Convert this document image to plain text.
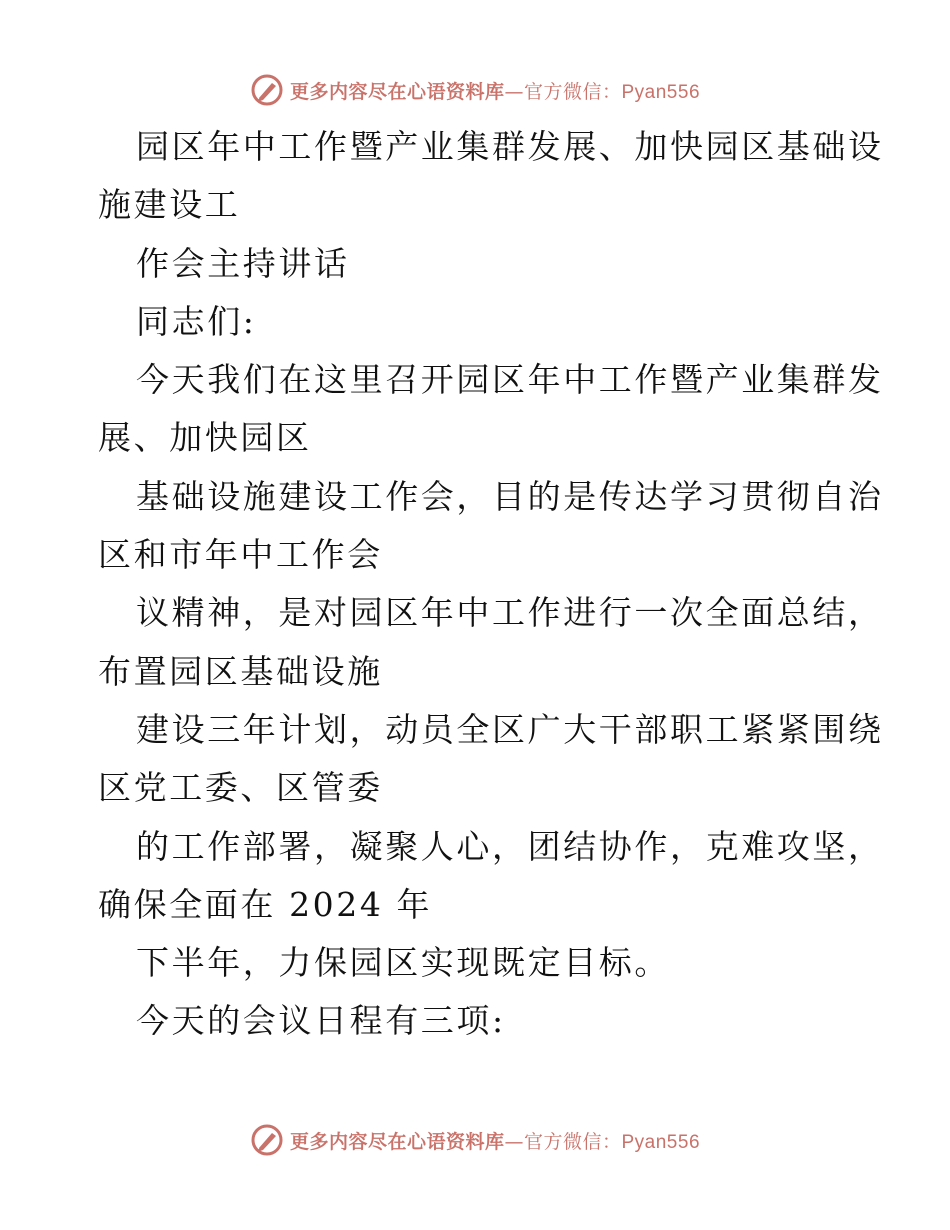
更多内容尽在心语资料库—官方微信：Pyan556
园区年中工作暨产业集群发展、加快园区基础设
施建设工
作会主持讲话
同志们:
今天我们在这里召开园区年中工作暨产业集群发
展、加快园区
基础设施建设工作会，目的是传达学习贯彻自治
区和市年中工作会
议精神，是对园区年中工作进行一次全面总结，
布置园区基础设施
建设三年计划，动员全区广大干部职工紧紧围绕
区党工委、区管委
的工作部署，凝聚人心，团结协作，克难攻坚，
确保全面在 2024 年
下半年，力保园区实现既定目标。
今天的会议日程有三项:
更多内容尽在心语资料库—官方微信：Pyan556
